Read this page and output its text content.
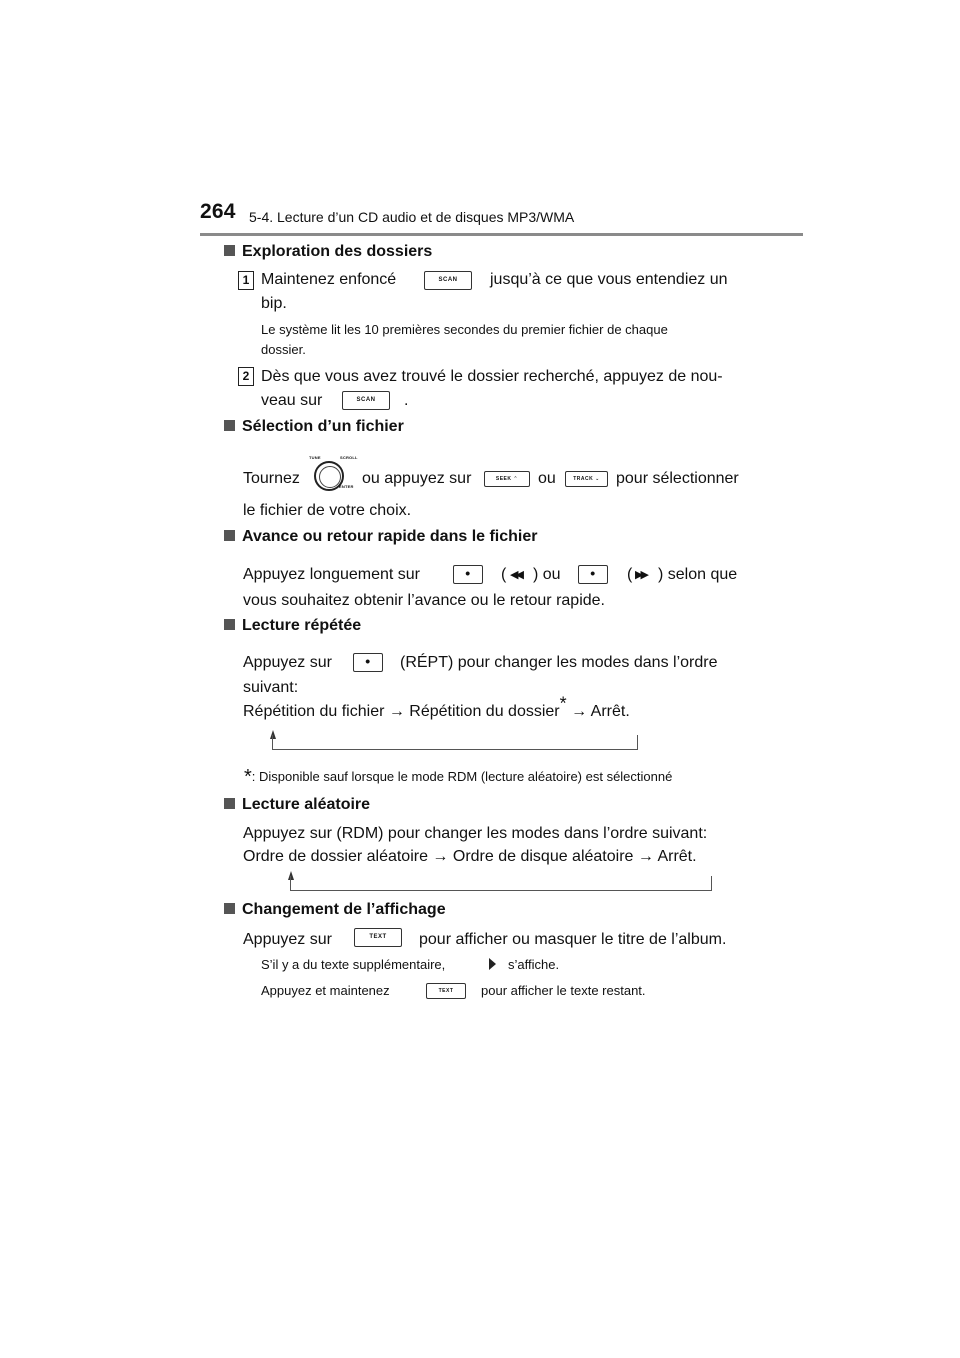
264 5-4. Lecture d’un CD audio et de disques MP3/WMA
Exploration des dossiers
1 Maintenez enfoncé	SCAN	jusqu’à ce que vous entendiez un
bip.
Le système lit les 10 premières secondes du premier fichier de chaque
dossier.
2 Dès que vous avez trouvé le dossier recherché, appuyez de nou-
veau sur	SCAN	.
Sélection d’un fichier
Tournez
TUNE	SCROLL
ENTER ou appuyez sur	SEEK ⌃	ou	TRACK ⌄	pour sélectionner
le fichier de votre choix.
Avance ou retour rapide dans le fichier
Appuyez longuement sur	•	( ◀◀ ) ou	•	( ▶▶ ) selon que
vous souhaitez obtenir l’avance ou le retour rapide.
Lecture répétée
Appuyez sur	•	(RÉPT) pour changer les modes dans l’ordre
suivant:
Répétition du fichier → Répétition du dossier* → Arrêt.
*: Disponible sauf lorsque le mode RDM (lecture aléatoire) est sélectionné
Lecture aléatoire
Appuyez sur (RDM) pour changer les modes dans l’ordre suivant:
Ordre de dossier aléatoire → Ordre de disque aléatoire → Arrêt.
Changement de l’affichage
Appuyez sur	TEXT	pour afficher ou masquer le titre de l’album.
S’il y a du texte supplémentaire,	s’affiche.
Appuyez et maintenez	TEXT	pour afficher le texte restant.
